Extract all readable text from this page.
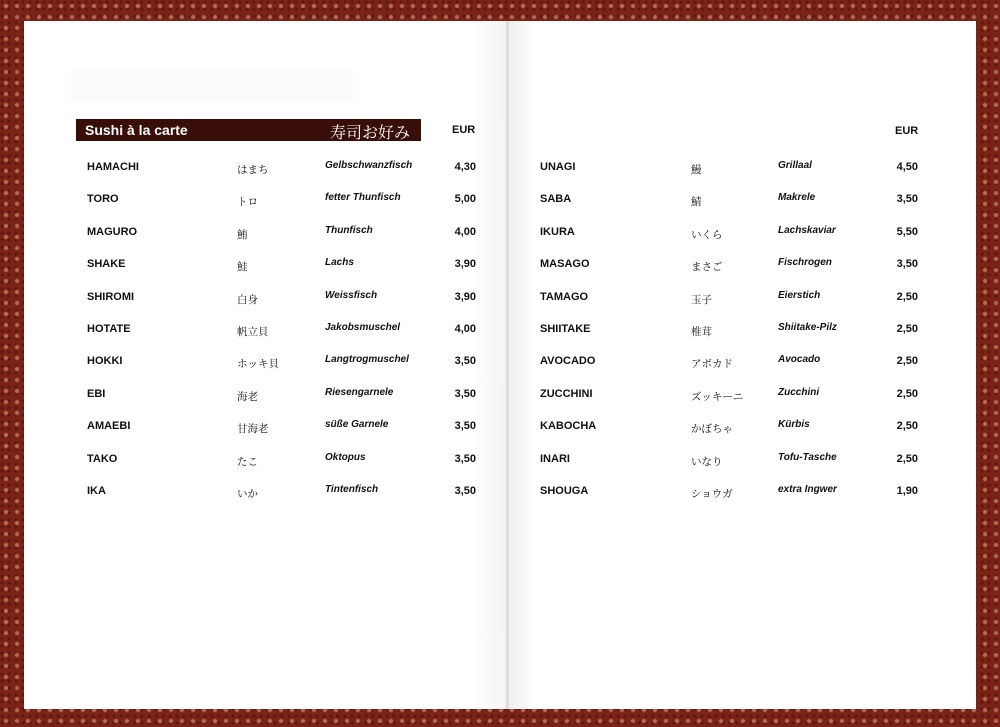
Sushi à la carte	寿司お好み	EUR	EUR
HAMACHI	はまち	Gelbschwanzfisch	4,30
TORO	トロ	fetter Thunfisch	5,00
MAGURO	鮪	Thunfisch	4,00
SHAKE	鮭	Lachs	3,90
SHIROMI	白身	Weissfisch	3,90
HOTATE	帆立貝	Jakobsmuschel	4,00
HOKKI	ホッキ貝	Langtrogmuschel	3,50
EBI	海老	Riesengarnele	3,50
AMAEBI	甘海老	süße Garnele	3,50
TAKO	たこ	Oktopus	3,50
IKA	いか	Tintenfisch	3,50
UNAGI	鰻	Grillaal	4,50
SABA	鯖	Makrele	3,50
IKURA	いくら	Lachskaviar	5,50
MASAGO	まさご	Fischrogen	3,50
TAMAGO	玉子	Eierstich	2,50
SHIITAKE	椎茸	Shiitake-Pilz	2,50
AVOCADO	アボカド	Avocado	2,50
ZUCCHINI	ズッキーニ	Zucchini	2,50
KABOCHA	かぼちゃ	Kürbis	2,50
INARI	いなり	Tofu-Tasche	2,50
SHOUGA	ショウガ	extra Ingwer	1,90
